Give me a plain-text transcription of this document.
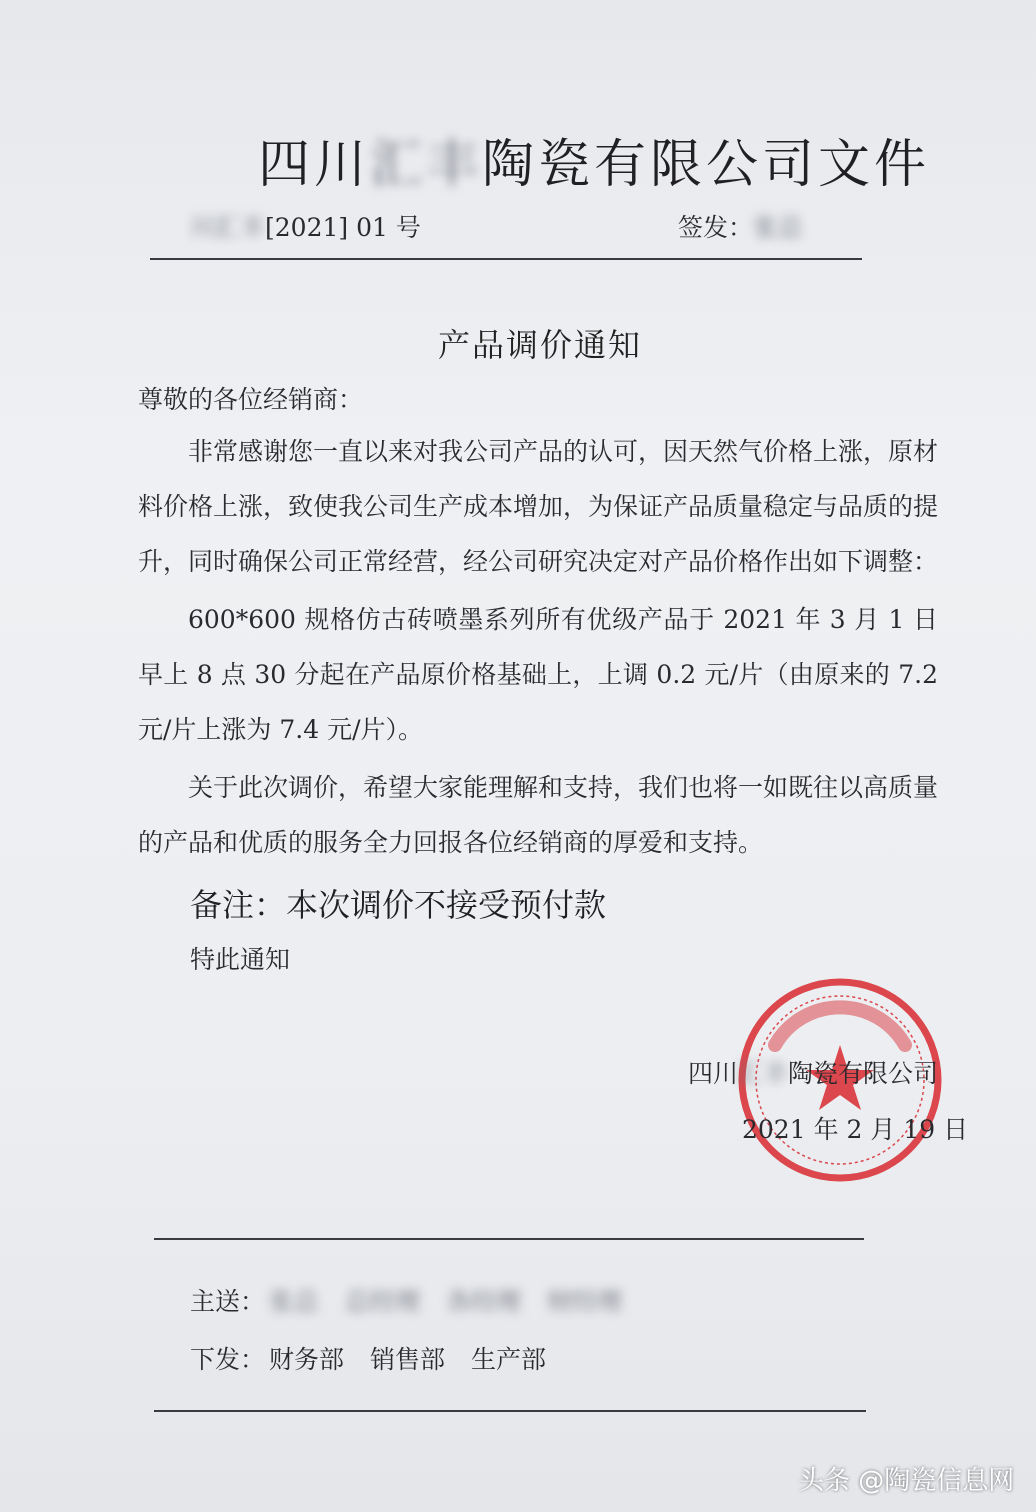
四川汇丰陶瓷有限公司文件
川汇丰[2021] 01 号	签发：张总
产品调价通知
尊敬的各位经销商：
非常感谢您一直以来对我公司产品的认可，因天然气价格上涨，原材料价格上涨，致使我公司生产成本增加，为保证产品质量稳定与品质的提升，同时确保公司正常经营，经公司研究决定对产品价格作出如下调整：
600*600 规格仿古砖喷墨系列所有优级产品于 2021 年 3 月 1 日早上 8 点 30 分起在产品原价格基础上，上调 0.2 元/片（由原来的 7.2 元/片上涨为 7.4 元/片）。
关于此次调价，希望大家能理解和支持，我们也将一如既往以高质量的产品和优质的服务全力回报各位经销商的厚爱和支持。
备注：本次调价不接受预付款
特此通知
四川汇丰陶瓷有限公司
2021 年 2 月 19 日
主送： 张总 总经理 各经理 财经理
下发： 财务部 销售部 生产部
头条 @陶瓷信息网
